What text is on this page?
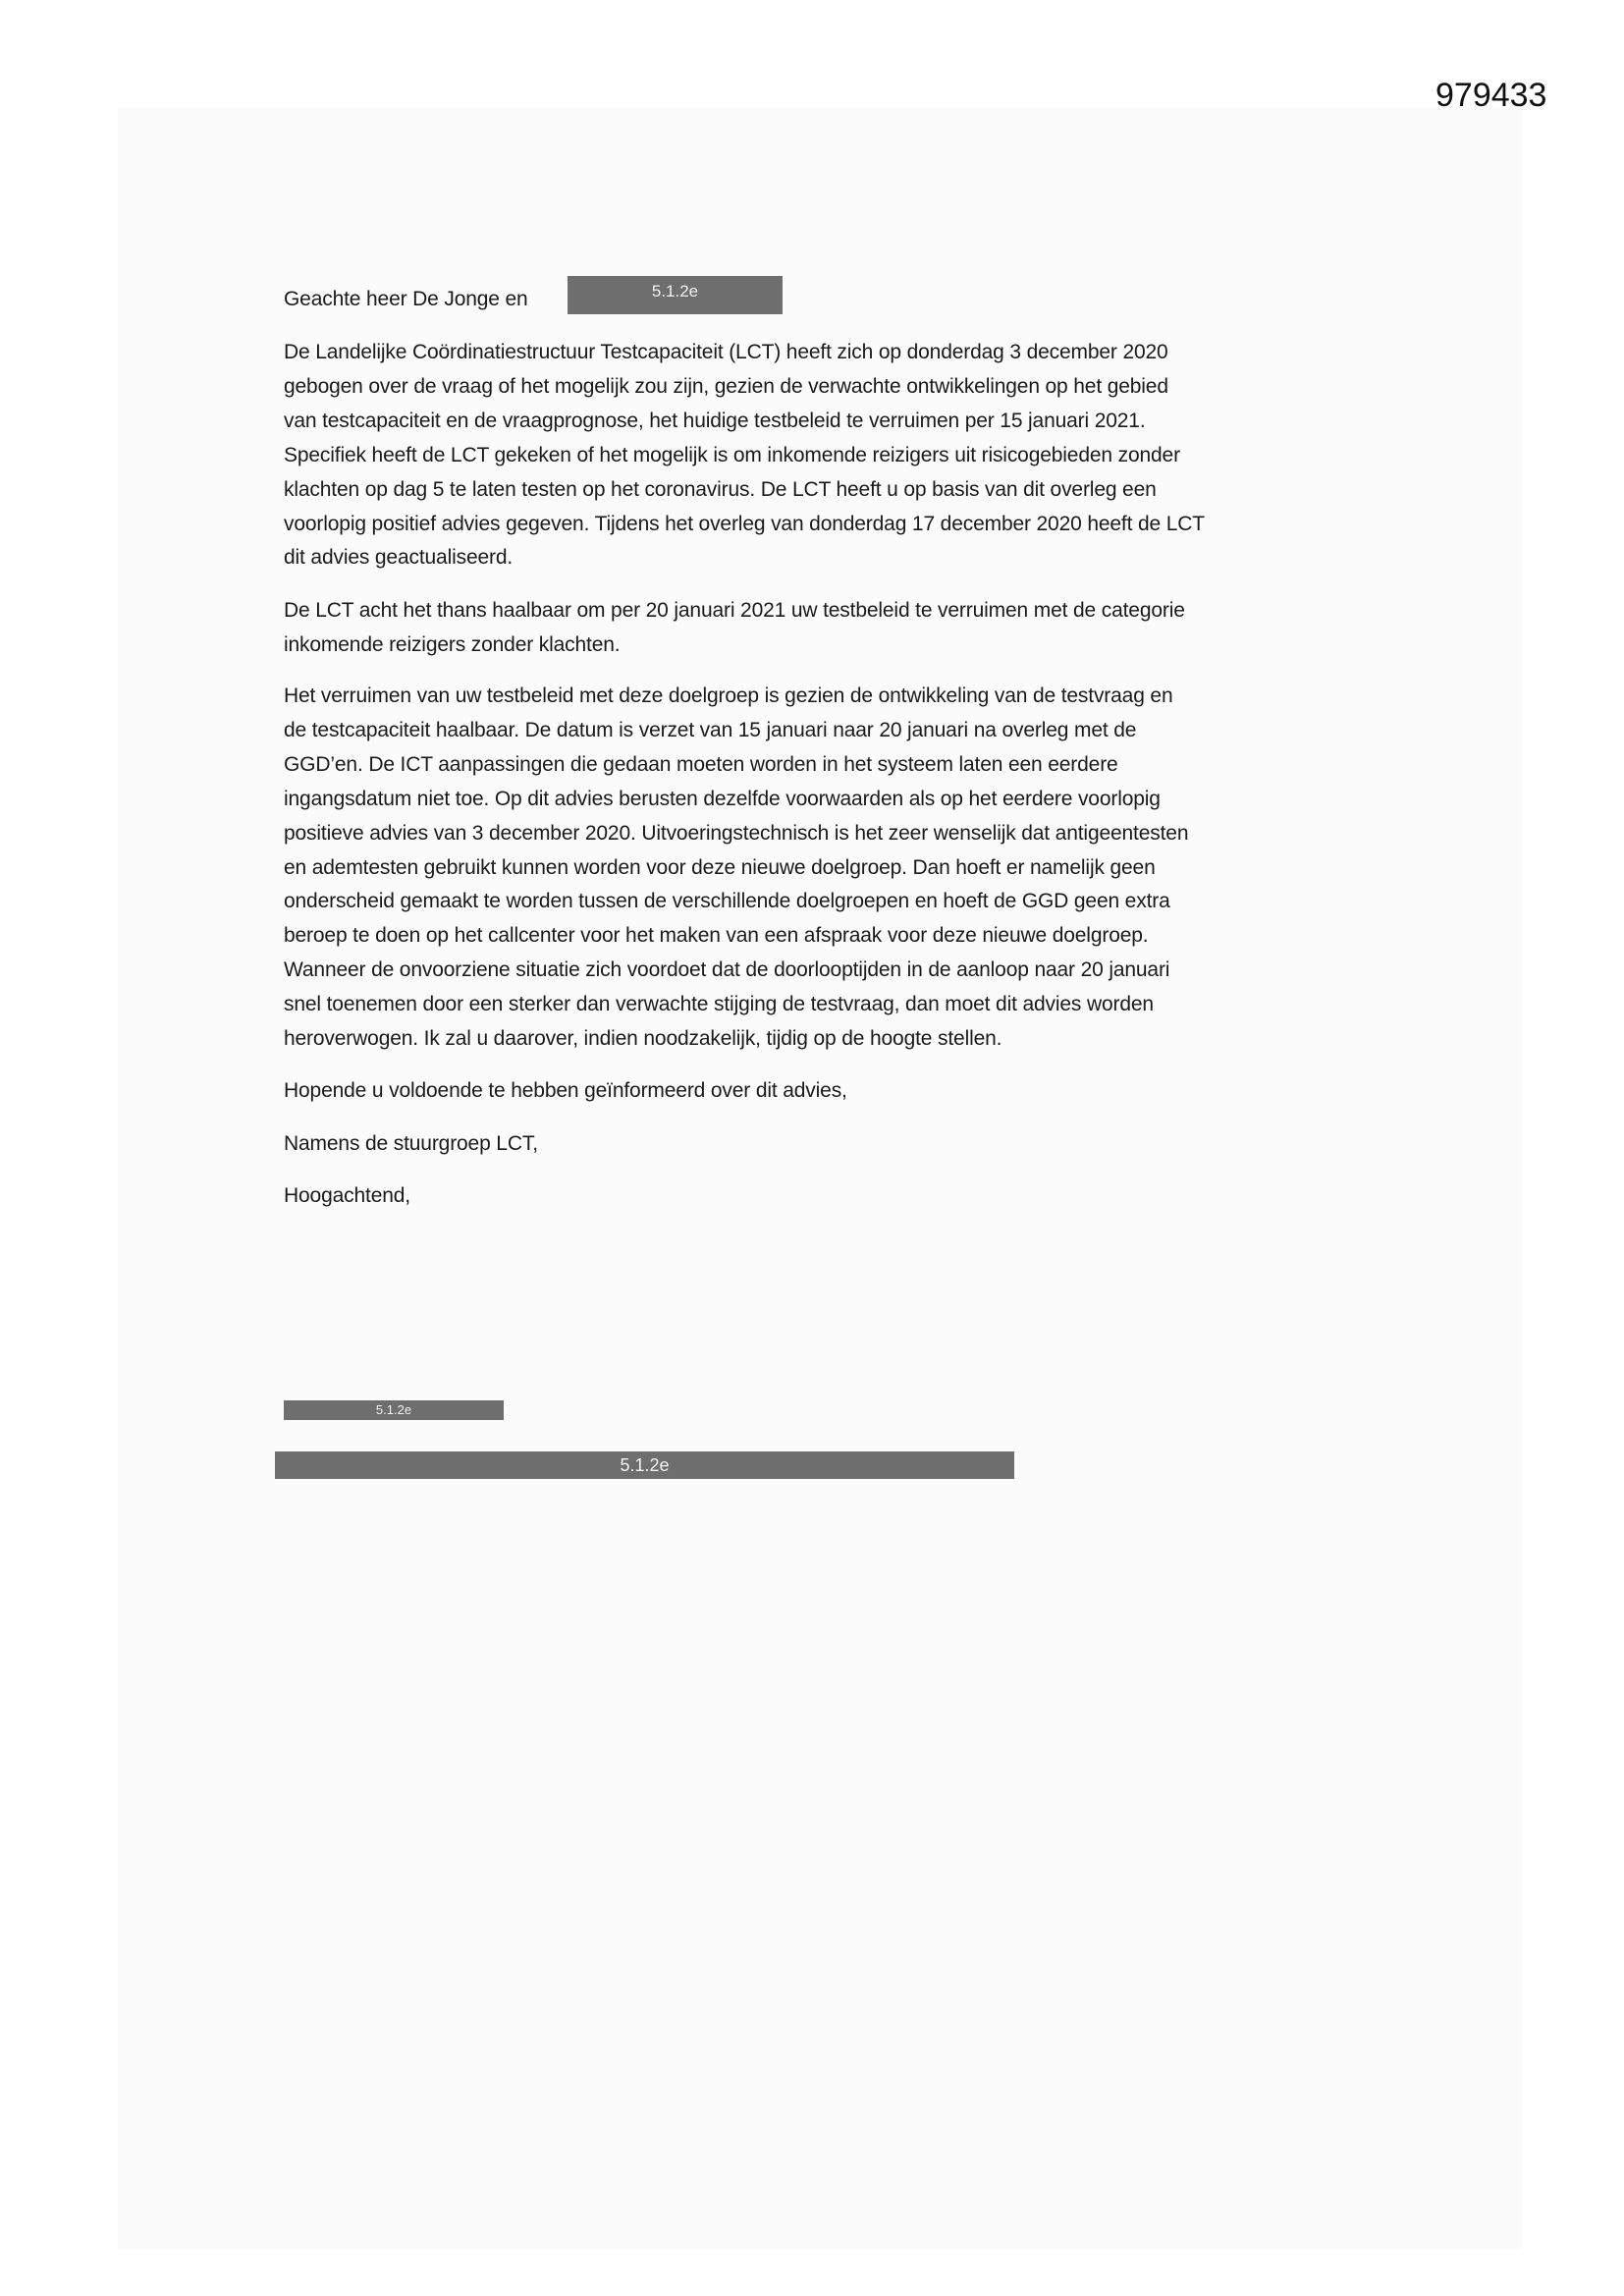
979433
Geachte heer De Jonge en	5.1.2e
De Landelijke Coördinatiestructuur Testcapaciteit (LCT) heeft zich op donderdag 3 december 2020
gebogen over de vraag of het mogelijk zou zijn, gezien de verwachte ontwikkelingen op het gebied
van testcapaciteit en de vraagprognose, het huidige testbeleid te verruimen per 15 januari 2021.
Specifiek heeft de LCT gekeken of het mogelijk is om inkomende reizigers uit risicogebieden zonder
klachten op dag 5 te laten testen op het coronavirus. De LCT heeft u op basis van dit overleg een
voorlopig positief advies gegeven. Tijdens het overleg van donderdag 17 december 2020 heeft de LCT
dit advies geactualiseerd.
De LCT acht het thans haalbaar om per 20 januari 2021 uw testbeleid te verruimen met de categorie
inkomende reizigers zonder klachten.
Het verruimen van uw testbeleid met deze doelgroep is gezien de ontwikkeling van de testvraag en
de testcapaciteit haalbaar. De datum is verzet van 15 januari naar 20 januari na overleg met de
GGD’en. De ICT aanpassingen die gedaan moeten worden in het systeem laten een eerdere
ingangsdatum niet toe. Op dit advies berusten dezelfde voorwaarden als op het eerdere voorlopig
positieve advies van 3 december 2020. Uitvoeringstechnisch is het zeer wenselijk dat antigeentesten
en ademtesten gebruikt kunnen worden voor deze nieuwe doelgroep. Dan hoeft er namelijk geen
onderscheid gemaakt te worden tussen de verschillende doelgroepen en hoeft de GGD geen extra
beroep te doen op het callcenter voor het maken van een afspraak voor deze nieuwe doelgroep.
Wanneer de onvoorziene situatie zich voordoet dat de doorlooptijden in de aanloop naar 20 januari
snel toenemen door een sterker dan verwachte stijging de testvraag, dan moet dit advies worden
heroverwogen. Ik zal u daarover, indien noodzakelijk, tijdig op de hoogte stellen.
Hopende u voldoende te hebben geïnformeerd over dit advies,
Namens de stuurgroep LCT,
Hoogachtend,
5.1.2e
5.1.2e
